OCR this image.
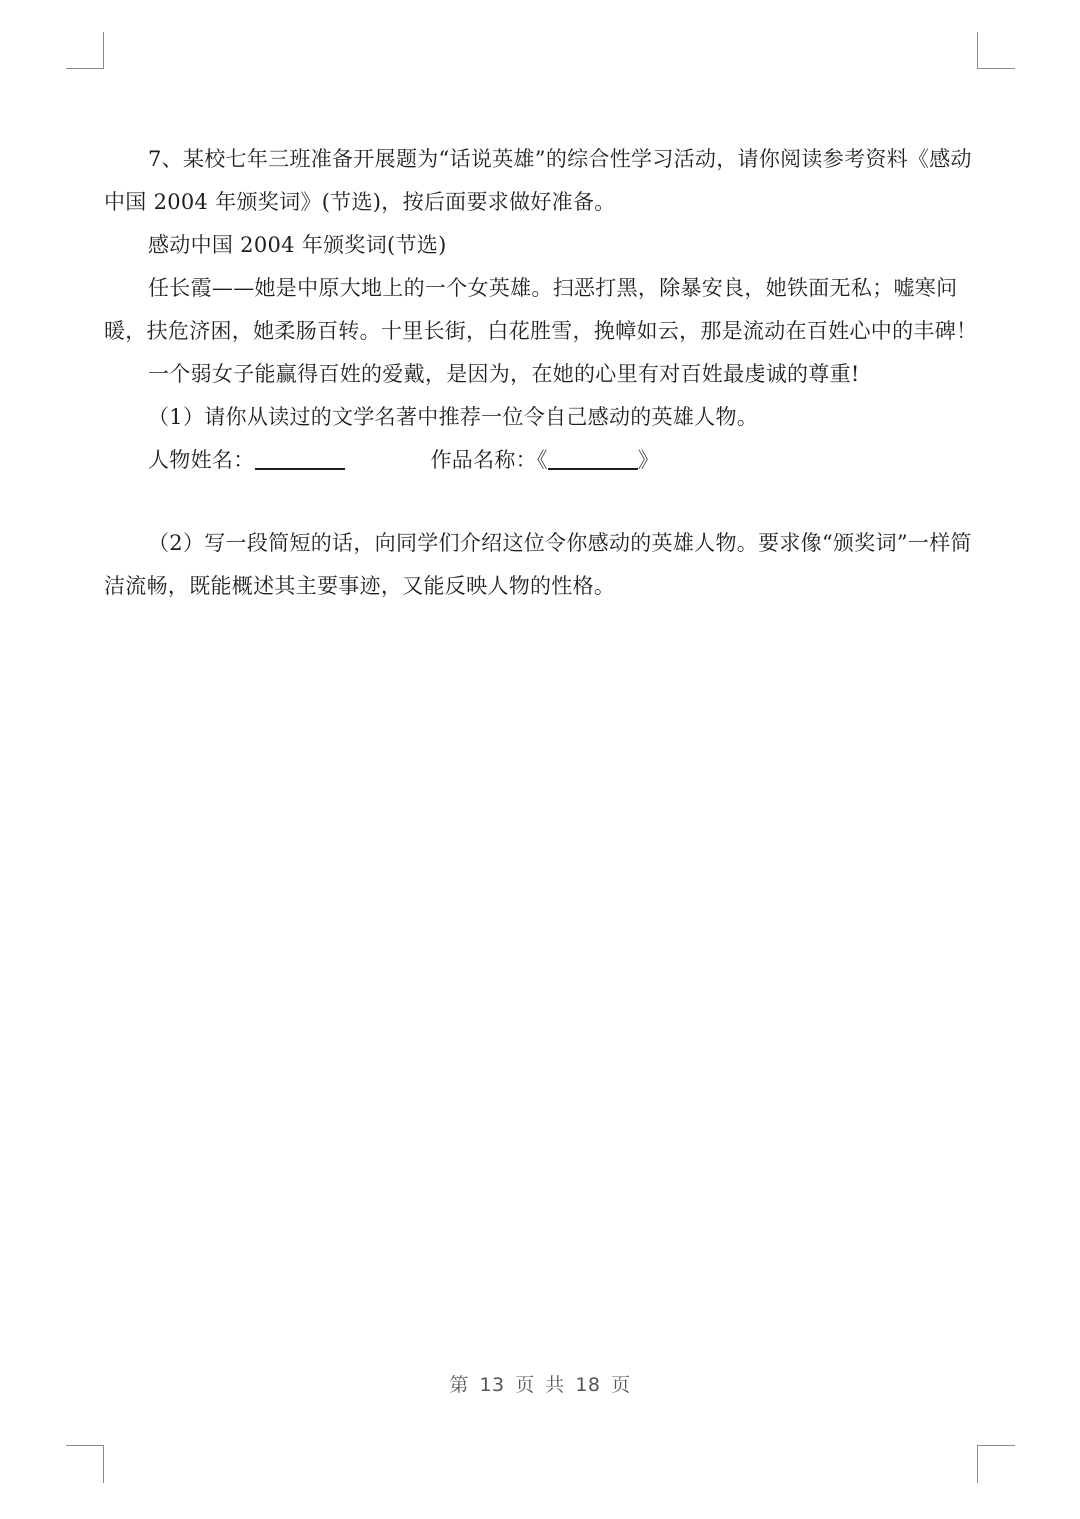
7、某校七年三班准备开展题为“话说英雄”的综合性学习活动，请你阅读参考资料《感动中国 2004 年颁奖词》(节选)，按后面要求做好准备。

感动中国 2004 年颁奖词(节选)

任长霞——她是中原大地上的一个女英雄。扫恶打黑，除暴安良，她铁面无私；嘘寒问暖，扶危济困，她柔肠百转。十里长街，白花胜雪，挽幛如云，那是流动在百姓心中的丰碑！

一个弱女子能赢得百姓的爱戴，是因为，在她的心里有对百姓最虔诚的尊重!

（1）请你从读过的文学名著中推荐一位令自己感动的英雄人物。

人物姓名：	作品名称：《	》

（2）写一段简短的话，向同学们介绍这位令你感动的英雄人物。要求像“颁奖词”一样简洁流畅，既能概述其主要事迹，又能反映人物的性格。

第 13 页 共 18 页
